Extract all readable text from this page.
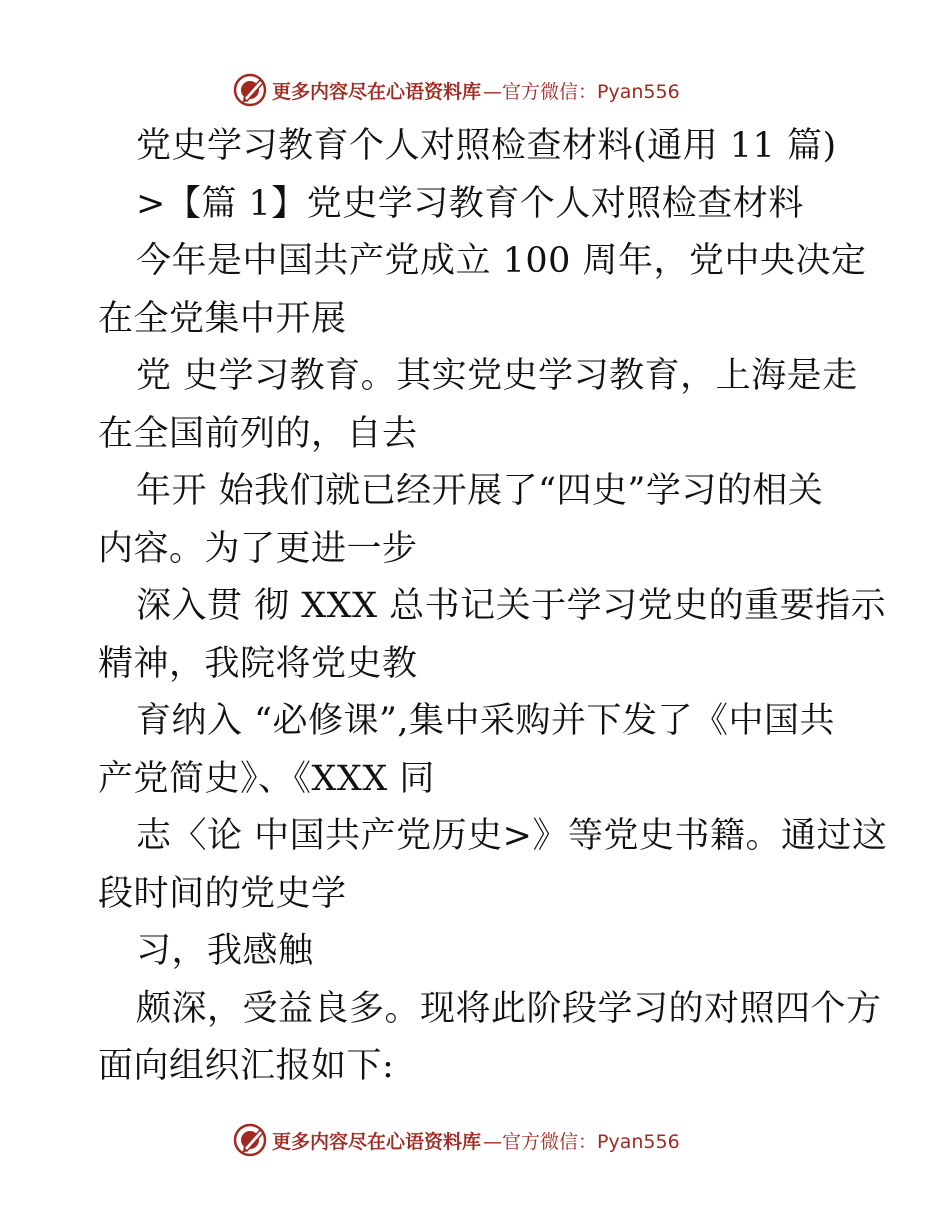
更多内容尽在心语资料库 —官方微信：Pyan556
党史学习教育个人对照检查材料(通用 11 篇)
>【篇 1】党史学习教育个人对照检查材料
今年是中国共产党成立 100 周年，党中央决定
在全党集中开展
党 史学习教育。其实党史学习教育，上海是走
在全国前列的，自去
年开 始我们就已经开展了“四史”学习的相关
内容。为了更进一步
深入贯 彻 XXX 总书记关于学习党史的重要指示
精神，我院将党史教
育纳入 “必修课”,集中采购并下发了《中国共
产党简史》、《XXX 同
志〈论 中国共产党历史>》等党史书籍。通过这
段时间的党史学
习，我感触
颇深，受益良多。现将此阶段学习的对照四个方
面向组织汇报如下:
更多内容尽在心语资料库 —官方微信：Pyan556
